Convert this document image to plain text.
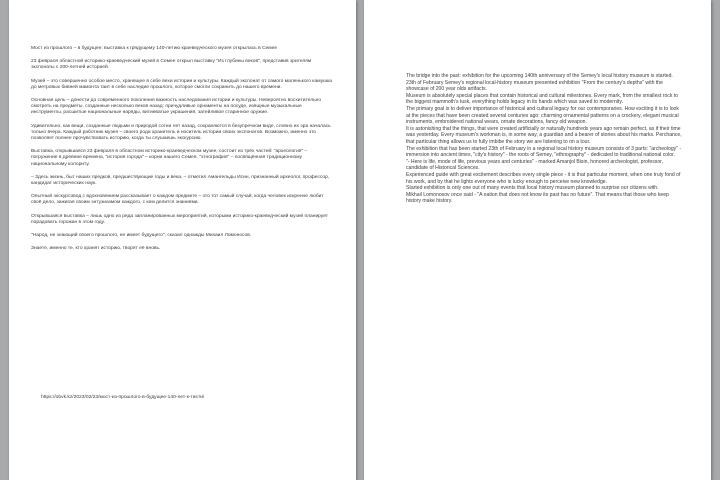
Мост из прошлого – в будущее: выставка к грядущему 140-летию краеведческого музея открылась в Семее

23 февраля областной историко-краеведческий музей в Семее открыл выставку "Из глубины веков", представив зрителям экспонаты с 200-летней историей.

Музей – это совершенно особое место, хранящее в себе вехи истории и культуры. Каждый экспонат от самого маленького камушка до метровых бивней мамонта таит в себе наследие прошлого, которое смогли сохранить до нашего времени.

Основная цель – донести до современного поколения важность наследования истории и культуры. Невероятно восхитительно смотреть на предметы, созданные несколько веков назад: причудливые орнаменты на посуде, изящные музыкальные инструменты, расшитые национальные наряды, витиеватые украшения, затейливое старинное оружие.

Удивительно, как вещи, созданные людьми и природой сотни лет назад, сохраняются в безупречном виде, словно их эра началась только вчера. Каждый работник музея – своего рода хранитель и носитель истории своих экспонатов. Возможно, именно это позволяет полнее прочувствовать историю, когда ты слушаешь экскурсию.

Выставка, открывшаяся 23 февраля в областном историко-краеведческом музее, состоит из трёх частей: "археология" – погружение в древние времена, "история города" – корни нашего Семея, "этнография" – посвящённая традиционному национальному колориту.

– Здесь жизнь, быт наших предков, предшествующие годы и века, – отметил Амангельды Исин, признанный археолог, профессор, кандидат исторических наук.

Опытный экскурсовод с вдохновением рассказывает о каждом предмете – это тот самый случай, когда человек искренне любит своё дело, зажигая своим энтузиазмом каждого, с кем делится знаниями.

Открывшаяся выставка – лишь одно из ряда запланированных мероприятий, которыми историко-краеведческий музей планирует порадовать горожан в этом году.

"Народ, не знающий своего прошлого, не имеет будущего", сказал однажды Михаил Ломоносов.

Знаете, именно те, кто хранят историю, творят её вновь.

https://obvk.kz/2023/02/23/мост-из-прошлого-в-будущее-140-лет-к-тиєти/

The bridge into the past: exhibition for the upcoming 140th anniversary of the Semey's local history museum is started.

23th of February Semey's regional local-history museum presented exhibition "From the century's depths" with the showcase of 200 year olds artifacts.

Museum is absolutely special places that contain historical and cultural milestones. Every mark, from the smallest rock to the biggest mammoth's tusk, everything holds legacy in its hands which was saved to modernity.

The primary goal is to deliver importance of historical and cultural legacy for our contemporaries. How exciting it is to look at the pieces that have been created several centuries ago: charming ornamental patterns on a crockery, elegant musical instruments, embroidered national wears, ornate decorations, fancy old weapon.

It is astonishing that the things, that were created artificially or naturally hundreds years ago remain perfect, as if their time was yesterday. Every museum's workman is, in some way, a guardian and a bearer of stories about his marks. Perchance, that particular thing allows us to fully imbibe the story we are listening to on a tour.

The exhibition that has been started 23th of February in a regional local history museum consists of 3 parts: "archeology" - immersion into ancient times, "city's history" - the roots of Semey, "ethnography" - dedicated to traditional national color.

"- Here is life, mode of life, previous years and centuries" - marked Amanjol Bisin, honored archeologist, professor, candidate of Historical Sciences.

Experienced guide with great excitement describes every single piece - it is that particular moment, when one truly fond of his work, and by that he lights everyone who is lucky enough to perceive new knowledge.

Started exhibition is only one out of many events that local history museum planned to surprise our citizens with.

Mikhail Lomonosov once said - "A nation that does not know its past has no future". That means that those who keep history make history.
